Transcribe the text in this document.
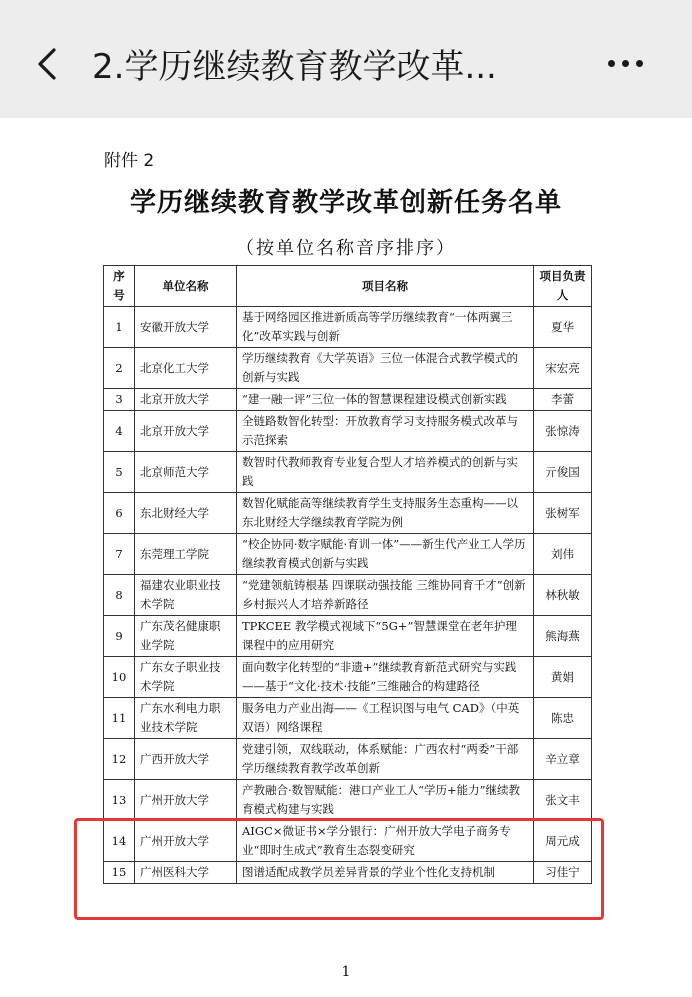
2.学历继续教育教学改革...
附件 2
学历继续教育教学改革创新任务名单
（按单位名称音序排序）
序号	单位名称	项目名称	项目负责人
1	安徽开放大学	基于网络园区推进新质高等学历继续教育“一体两翼三化”改革实践与创新	夏华
2	北京化工大学	学历继续教育《大学英语》三位一体混合式教学模式的创新与实践	宋宏亮
3	北京开放大学	“建一融一评”三位一体的智慧课程建设模式创新实践	李蕾
4	北京开放大学	全链路数智化转型：开放教育学习支持服务模式改革与示范探索	张惊涛
5	北京师范大学	数智时代教师教育专业复合型人才培养模式的创新与实践	亓俊国
6	东北财经大学	数智化赋能高等继续教育学生支持服务生态重构——以东北财经大学继续教育学院为例	张树军
7	东莞理工学院	“校企协同·数字赋能·育训一体”——新生代产业工人学历继续教育模式创新与实践	刘伟
8	福建农业职业技术学院	“党建领航铸根基 四课联动强技能 三维协同育千才”创新乡村振兴人才培养新路径	林秋敏
9	广东茂名健康职业学院	TPKCEE 教学模式视域下“5G+”智慧课堂在老年护理课程中的应用研究	熊海燕
10	广东女子职业技术学院	面向数字化转型的“非遗+”继续教育新范式研究与实践——基于“文化·技术·技能”三维融合的构建路径	黄娟
11	广东水利电力职业技术学院	服务电力产业出海——《工程识图与电气 CAD》（中英双语）网络课程	陈忠
12	广西开放大学	党建引领，双线联动，体系赋能：广西农村“两委”干部学历继续教育教学改革创新	辛立章
13	广州开放大学	产教融合·数智赋能：港口产业工人“学历+能力”继续教育模式构建与实践	张文丰
14	广州开放大学	AIGC×微证书×学分银行：广州开放大学电子商务专业“即时生成式”教育生态裂变研究	周元成
15	广州医科大学	图谱适配成教学员差异背景的学业个性化支持机制	习佳宁
1
